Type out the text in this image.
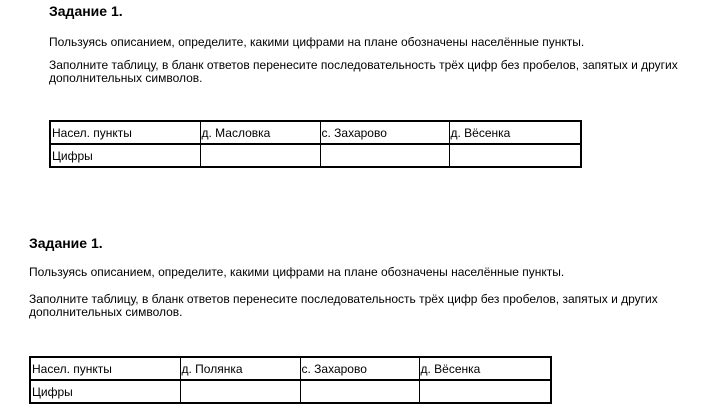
Задание 1.
Пользуясь описанием, определите, какими цифрами на плане обозначены населённые пункты.
Заполните таблицу, в бланк ответов перенесите последовательность трёх цифр без пробелов, запятых и других дополнительных символов.
Насел. пункты	д. Масловка	с. Захарово	д. Вёсенка
Цифры			
Задание 1.
Пользуясь описанием, определите, какими цифрами на плане обозначены населённые пункты.
Заполните таблицу, в бланк ответов перенесите последовательность трёх цифр без пробелов, запятых и других дополнительных символов.
Насел. пункты	д. Полянка	с. Захарово	д. Вёсенка
Цифры			
